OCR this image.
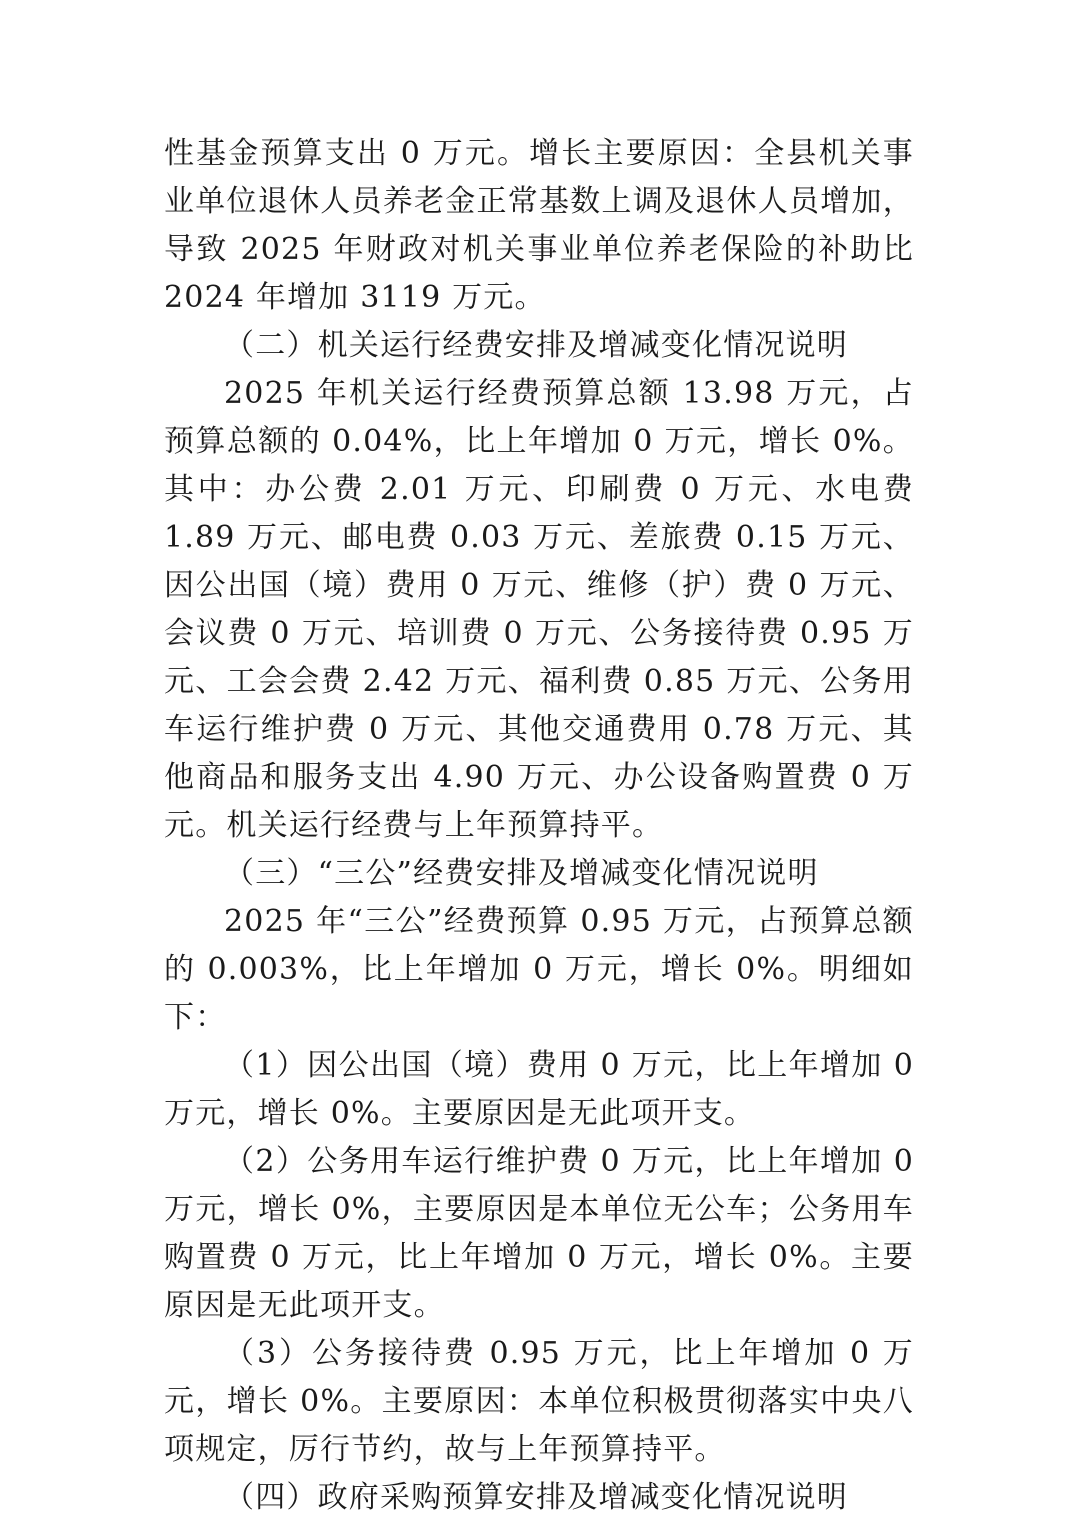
性基金预算支出 0 万元。增长主要原因：全县机关事业单位退休人员养老金正常基数上调及退休人员增加，导致 2025 年财政对机关事业单位养老保险的补助比 2024 年增加 3119 万元。

（二）机关运行经费安排及增减变化情况说明

2025 年机关运行经费预算总额 13.98 万元，占预算总额的 0.04%，比上年增加 0 万元，增长 0%。其中：办公费 2.01 万元、印刷费 0 万元、水电费 1.89 万元、邮电费 0.03 万元、差旅费 0.15 万元、因公出国（境）费用 0 万元、维修（护）费 0 万元、会议费 0 万元、培训费 0 万元、公务接待费 0.95 万元、工会会费 2.42 万元、福利费 0.85 万元、公务用车运行维护费 0 万元、其他交通费用 0.78 万元、其他商品和服务支出 4.90 万元、办公设备购置费 0 万元。机关运行经费与上年预算持平。

（三）“三公”经费安排及增减变化情况说明

2025 年“三公”经费预算 0.95 万元，占预算总额的 0.003%，比上年增加 0 万元，增长 0%。明细如下：

（1）因公出国（境）费用 0 万元，比上年增加 0 万元，增长 0%。主要原因是无此项开支。

（2）公务用车运行维护费 0 万元，比上年增加 0 万元，增长 0%，主要原因是本单位无公车；公务用车购置费 0 万元，比上年增加 0 万元，增长 0%。主要原因是无此项开支。

（3）公务接待费 0.95 万元，比上年增加 0 万元，增长 0%。主要原因：本单位积极贯彻落实中央八项规定，厉行节约，故与上年预算持平。

（四）政府采购预算安排及增减变化情况说明
